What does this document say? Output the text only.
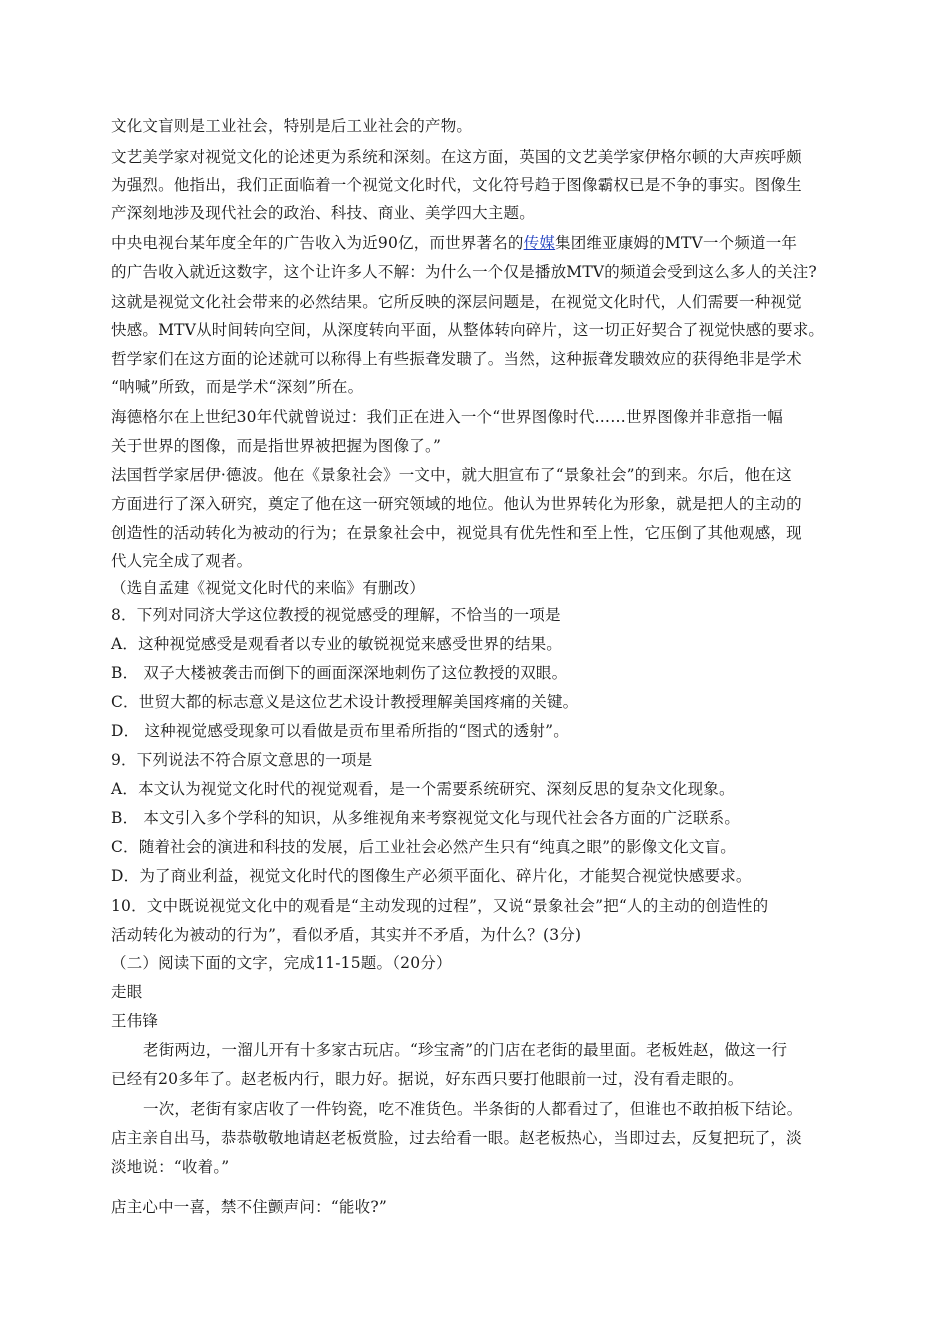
文化文盲则是工业社会，特别是后工业社会的产物。
文艺美学家对视觉文化的论述更为系统和深刻。在这方面，英国的文艺美学家伊格尔顿的大声疾呼颇
为强烈。他指出，我们正面临着一个视觉文化时代，文化符号趋于图像霸权已是不争的事实。图像生
产深刻地涉及现代社会的政治、科技、商业、美学四大主题。
中央电视台某年度全年的广告收入为近90亿，而世界著名的传媒集团维亚康姆的MTV一个频道一年
的广告收入就近这数字，这个让许多人不解：为什么一个仅是播放MTV的频道会受到这么多人的关注?
这就是视觉文化社会带来的必然结果。它所反映的深层问题是，在视觉文化时代，人们需要一种视觉
快感。MTV从时间转向空间，从深度转向平面，从整体转向碎片，这一切正好契合了视觉快感的要求。
哲学家们在这方面的论述就可以称得上有些振聋发聩了。当然，这种振聋发聩效应的获得绝非是学术
“呐喊”所致，而是学术“深刻”所在。
海德格尔在上世纪30年代就曾说过：我们正在进入一个“世界图像时代……世界图像并非意指一幅
关于世界的图像，而是指世界被把握为图像了。”
法国哲学家居伊·德波。他在《景象社会》一文中，就大胆宣布了“景象社会”的到来。尔后，他在这
方面进行了深入研究，奠定了他在这一研究领域的地位。他认为世界转化为形象，就是把人的主动的
创造性的活动转化为被动的行为；在景象社会中，视觉具有优先性和至上性，它压倒了其他观感，现
代人完全成了观者。
（选自孟建《视觉文化时代的来临》有删改）
8．下列对同济大学这位教授的视觉感受的理解，不恰当的一项是
A．这种视觉感受是观看者以专业的敏锐视觉来感受世界的结果。
B． 双子大楼被袭击而倒下的画面深深地刺伤了这位教授的双眼。
C．世贸大都的标志意义是这位艺术设计教授理解美国疼痛的关键。
D． 这种视觉感受现象可以看做是贡布里希所指的“图式的透射”。
9．下列说法不符合原文意思的一项是
A．本文认为视觉文化时代的视觉观看，是一个需要系统研究、深刻反思的复杂文化现象。
B． 本文引入多个学科的知识，从多维视角来考察视觉文化与现代社会各方面的广泛联系。
C．随着社会的演进和科技的发展，后工业社会必然产生只有“纯真之眼”的影像文化文盲。
D．为了商业利益，视觉文化时代的图像生产必须平面化、碎片化，才能契合视觉快感要求。
10．文中既说视觉文化中的观看是“主动发现的过程”，又说“景象社会”把“人的主动的创造性的
活动转化为被动的行为”，看似矛盾，其实并不矛盾，为什么？(3分)
（二）阅读下面的文字，完成11-15题。（20分）
走眼
王伟锋
老街两边，一溜儿开有十多家古玩店。“珍宝斋”的门店在老街的最里面。老板姓赵，做这一行
已经有20多年了。赵老板内行，眼力好。据说，好东西只要打他眼前一过，没有看走眼的。
一次，老街有家店收了一件钧瓷，吃不准货色。半条街的人都看过了，但谁也不敢拍板下结论。
店主亲自出马，恭恭敬敬地请赵老板赏脸，过去给看一眼。赵老板热心，当即过去，反复把玩了，淡
淡地说：“收着。”
店主心中一喜，禁不住颤声问：“能收?”
